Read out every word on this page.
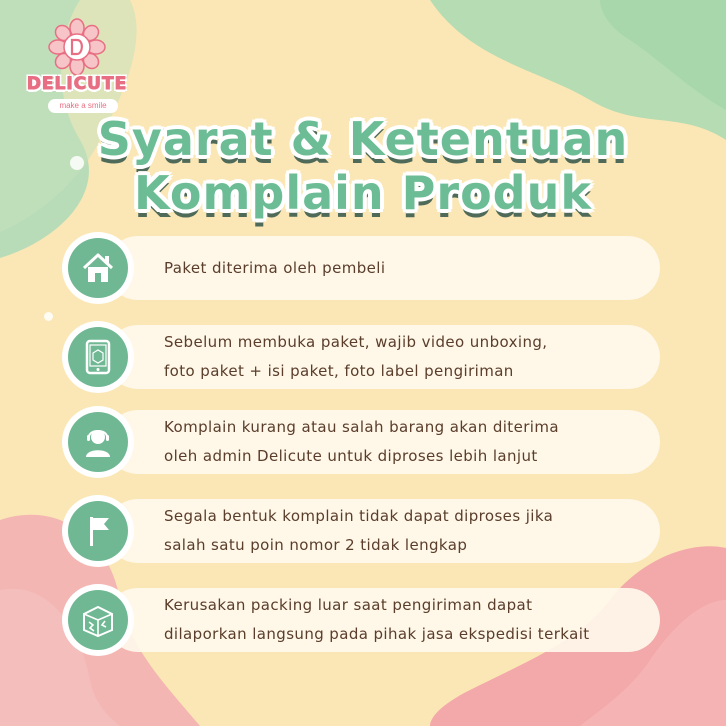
DELICUTE
make a smile
Syarat & Ketentuan
Komplain Produk
Paket diterima oleh pembeli
Sebelum membuka paket, wajib video unboxing,
foto paket + isi paket, foto label pengiriman
Komplain kurang atau salah barang akan diterima
oleh admin Delicute untuk diproses lebih lanjut
Segala bentuk komplain tidak dapat diproses jika
salah satu poin nomor 2 tidak lengkap
Kerusakan packing luar saat pengiriman dapat
dilaporkan langsung pada pihak jasa ekspedisi terkait
